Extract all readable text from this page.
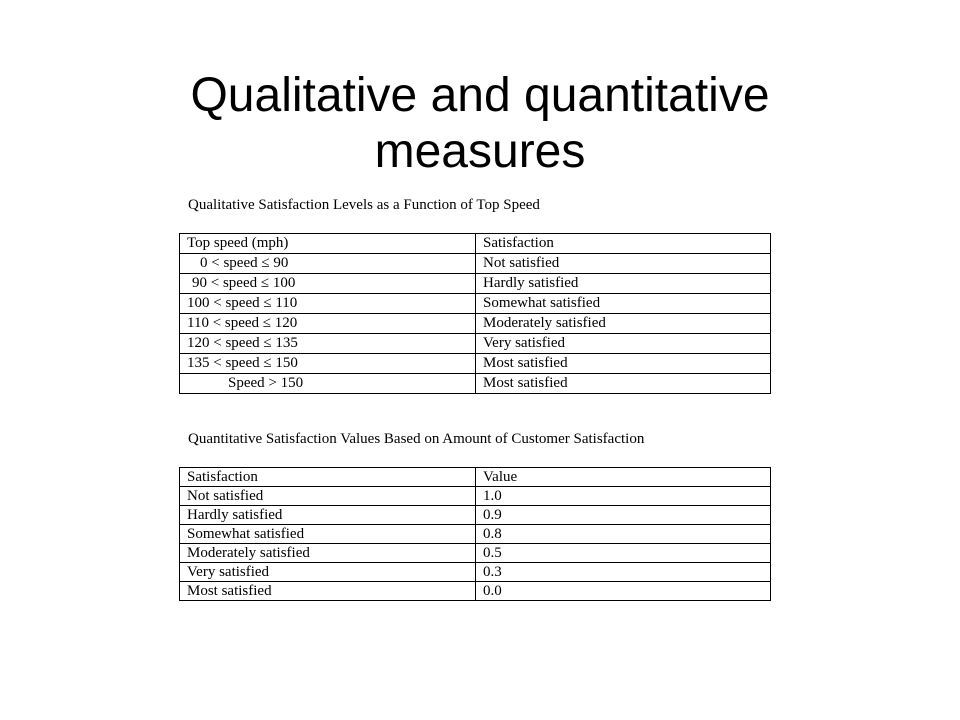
Qualitative and quantitative
measures
Qualitative Satisfaction Levels as a Function of Top Speed
Top speed (mph)	Satisfaction
0 < speed ≤ 90	Not satisfied
90 < speed ≤ 100	Hardly satisfied
100 < speed ≤ 110	Somewhat satisfied
110 < speed ≤ 120	Moderately satisfied
120 < speed ≤ 135	Very satisfied
135 < speed ≤ 150	Most satisfied
Speed > 150	Most satisfied
Quantitative Satisfaction Values Based on Amount of Customer Satisfaction
Satisfaction	Value
Not satisfied	1.0
Hardly satisfied	0.9
Somewhat satisfied	0.8
Moderately satisfied	0.5
Very satisfied	0.3
Most satisfied	0.0
